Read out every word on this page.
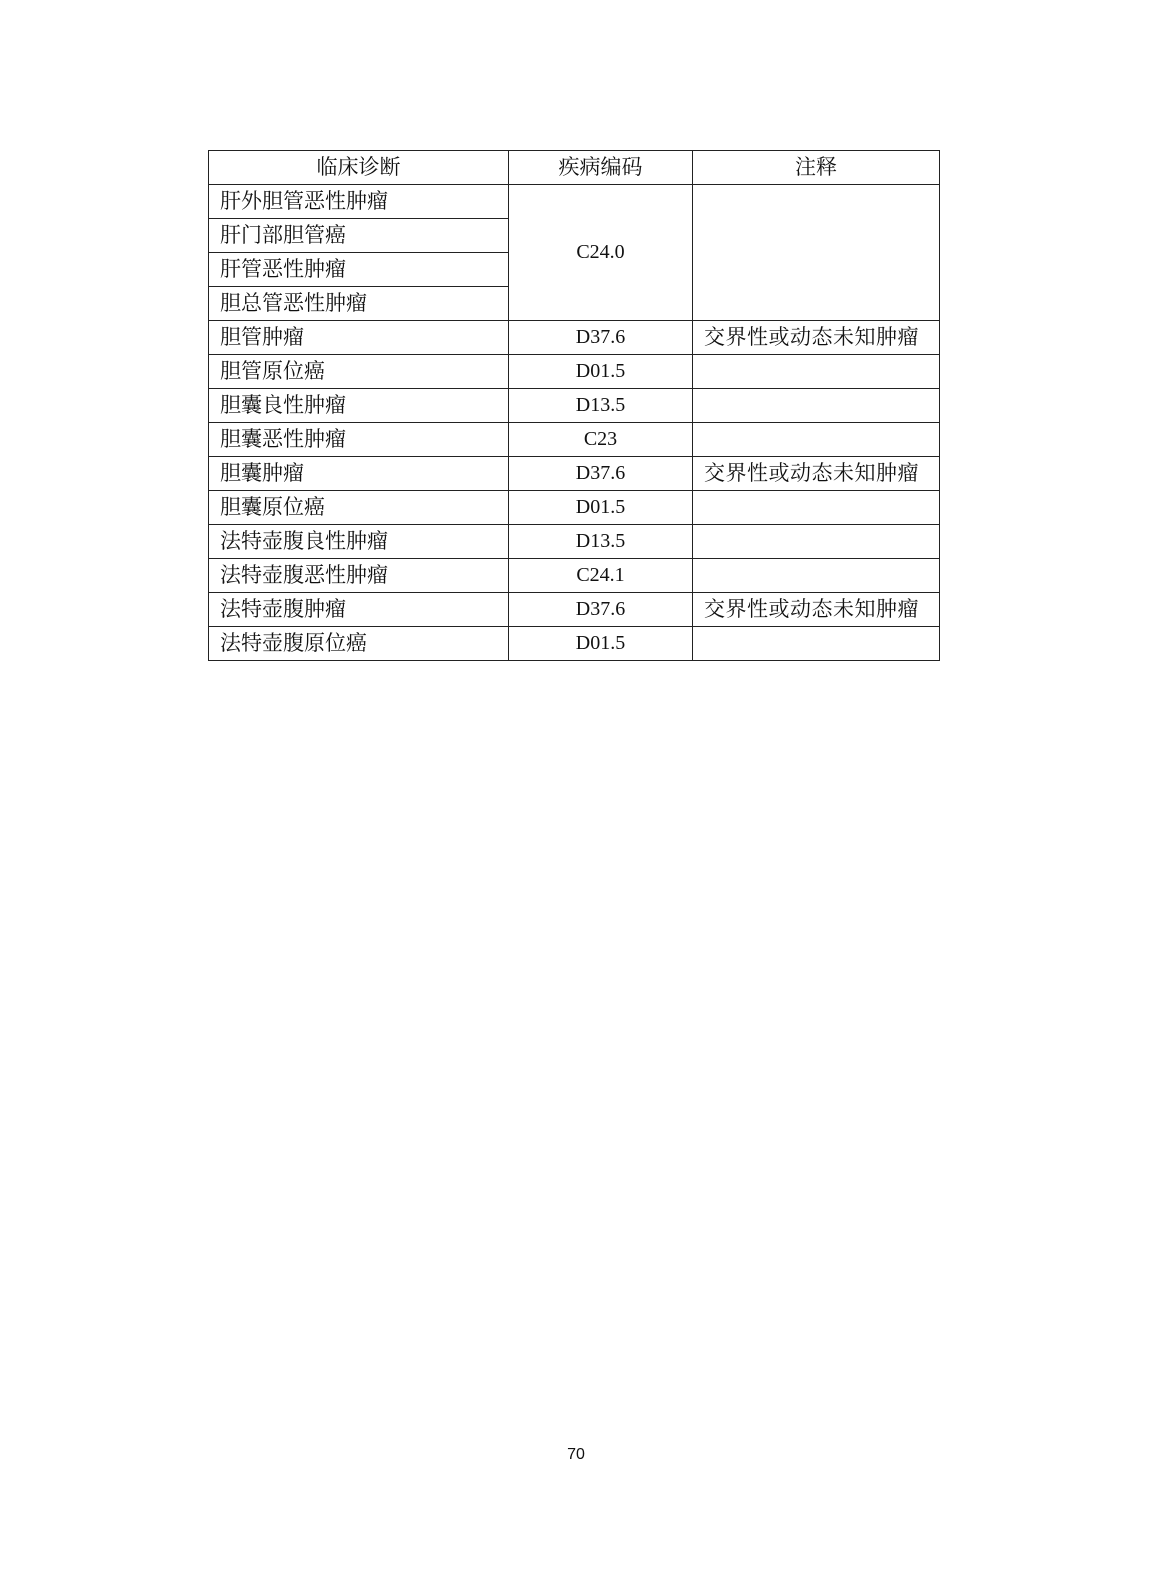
临床诊断	疾病编码	注释
肝外胆管恶性肿瘤	C24.0	
肝门部胆管癌		
肝管恶性肿瘤		
胆总管恶性肿瘤		
胆管肿瘤	D37.6	交界性或动态未知肿瘤
胆管原位癌	D01.5	
胆囊良性肿瘤	D13.5	
胆囊恶性肿瘤	C23	
胆囊肿瘤	D37.6	交界性或动态未知肿瘤
胆囊原位癌	D01.5	
法特壶腹良性肿瘤	D13.5	
法特壶腹恶性肿瘤	C24.1	
法特壶腹肿瘤	D37.6	交界性或动态未知肿瘤
法特壶腹原位癌	D01.5	
70
